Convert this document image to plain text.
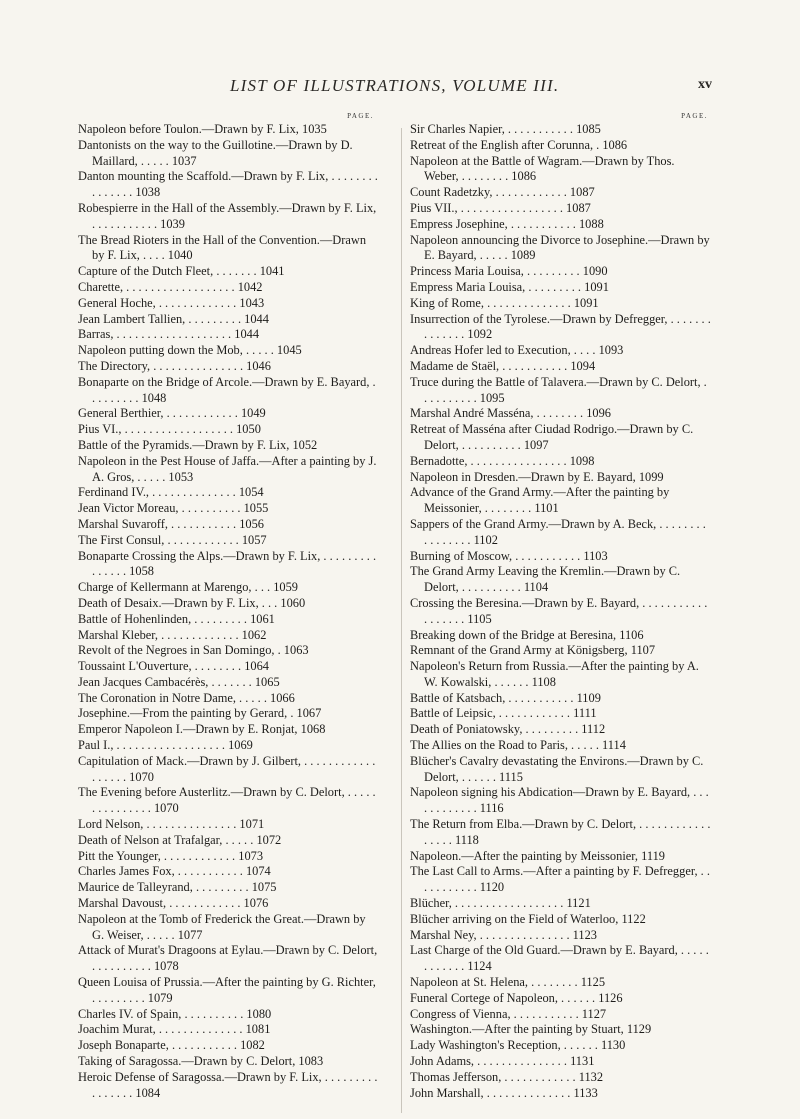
LIST OF ILLUSTRATIONS, VOLUME III.	xv
PAGE.

Napoleon before Toulon.—Drawn by F. Lix, 1035

Dantonists on the way to the Guillotine.—Drawn by D. Maillard, . . . . . 1037

Danton mounting the Scaffold.—Drawn by F. Lix, . . . . . . . . . . . . . . . 1038

Robespierre in the Hall of the Assembly.—Drawn by F. Lix, . . . . . . . . . . . 1039

The Bread Rioters in the Hall of the Convention.—Drawn by F. Lix, . . . . 1040

Capture of the Dutch Fleet, . . . . . . . 1041

Charette, . . . . . . . . . . . . . . . . . . 1042

General Hoche, . . . . . . . . . . . . . 1043

Jean Lambert Tallien, . . . . . . . . . 1044

Barras, . . . . . . . . . . . . . . . . . . . 1044

Napoleon putting down the Mob, . . . . . 1045

The Directory, . . . . . . . . . . . . . . . 1046

Bonaparte on the Bridge of Arcole.—Drawn by E. Bayard, . . . . . . . . . 1048

General Berthier, . . . . . . . . . . . . 1049

Pius VI., . . . . . . . . . . . . . . . . . . 1050

Battle of the Pyramids.—Drawn by F. Lix, 1052

Napoleon in the Pest House of Jaffa.—After a painting by J. A. Gros, . . . . . 1053

Ferdinand IV., . . . . . . . . . . . . . . 1054

Jean Victor Moreau, . . . . . . . . . . 1055

Marshal Suvaroff, . . . . . . . . . . . 1056

The First Consul, . . . . . . . . . . . . 1057

Bonaparte Crossing the Alps.—Drawn by F. Lix, . . . . . . . . . . . . . . . 1058

Charge of Kellermann at Marengo, . . . 1059

Death of Desaix.—Drawn by F. Lix, . . . 1060

Battle of Hohenlinden, . . . . . . . . . 1061

Marshal Kleber, . . . . . . . . . . . . . 1062

Revolt of the Negroes in San Domingo, . 1063

Toussaint L'Ouverture, . . . . . . . . 1064

Jean Jacques Cambacérès, . . . . . . . 1065

The Coronation in Notre Dame, . . . . . 1066

Josephine.—From the painting by Gerard, . 1067

Emperor Napoleon I.—Drawn by E. Ronjat, 1068

Paul I., . . . . . . . . . . . . . . . . . . 1069

Capitulation of Mack.—Drawn by J. Gilbert, . . . . . . . . . . . . . . . . . . 1070

The Evening before Austerlitz.—Drawn by C. Delort, . . . . . . . . . . . . . . . 1070

Lord Nelson, . . . . . . . . . . . . . . . 1071

Death of Nelson at Trafalgar, . . . . . 1072

Pitt the Younger, . . . . . . . . . . . . 1073

Charles James Fox, . . . . . . . . . . . 1074

Maurice de Talleyrand, . . . . . . . . . 1075

Marshal Davoust, . . . . . . . . . . . . 1076

Napoleon at the Tomb of Frederick the Great.—Drawn by G. Weiser, . . . . . 1077

Attack of Murat's Dragoons at Eylau.—Drawn by C. Delort, . . . . . . . . . . 1078

Queen Louisa of Prussia.—After the painting by G. Richter, . . . . . . . . . 1079

Charles IV. of Spain, . . . . . . . . . . 1080

Joachim Murat, . . . . . . . . . . . . . . 1081

Joseph Bonaparte, . . . . . . . . . . . 1082

Taking of Saragossa.—Drawn by C. Delort, 1083

Heroic Defense of Saragossa.—Drawn by F. Lix, . . . . . . . . . . . . . . . . 1084

PAGE.

Sir Charles Napier, . . . . . . . . . . . 1085

Retreat of the English after Corunna, . 1086

Napoleon at the Battle of Wagram.—Drawn by Thos. Weber, . . . . . . . . 1086

Count Radetzky, . . . . . . . . . . . . 1087

Pius VII., . . . . . . . . . . . . . . . . . 1087

Empress Josephine, . . . . . . . . . . . 1088

Napoleon announcing the Divorce to Josephine.—Drawn by E. Bayard, . . . . . 1089

Princess Maria Louisa, . . . . . . . . . 1090

Empress Maria Louisa, . . . . . . . . . 1091

King of Rome, . . . . . . . . . . . . . . 1091

Insurrection of the Tyrolese.—Drawn by Defregger, . . . . . . . . . . . . . . 1092

Andreas Hofer led to Execution, . . . . 1093

Madame de Staël, . . . . . . . . . . . 1094

Truce during the Battle of Talavera.—Drawn by C. Delort, . . . . . . . . . . 1095

Marshal André Masséna, . . . . . . . . 1096

Retreat of Masséna after Ciudad Rodrigo.—Drawn by C. Delort, . . . . . . . . . . 1097

Bernadotte, . . . . . . . . . . . . . . . . 1098

Napoleon in Dresden.—Drawn by E. Bayard, 1099

Advance of the Grand Army.—After the painting by Meissonier, . . . . . . . . 1101

Sappers of the Grand Army.—Drawn by A. Beck, . . . . . . . . . . . . . . . . 1102

Burning of Moscow, . . . . . . . . . . . 1103

The Grand Army Leaving the Kremlin.—Drawn by C. Delort, . . . . . . . . . . 1104

Crossing the Beresina.—Drawn by E. Bayard, . . . . . . . . . . . . . . . . . . 1105

Breaking down of the Bridge at Beresina, 1106

Remnant of the Grand Army at Königsberg, 1107

Napoleon's Return from Russia.—After the painting by A. W. Kowalski, . . . . . . 1108

Battle of Katsbach, . . . . . . . . . . . 1109

Battle of Leipsic, . . . . . . . . . . . . 1111

Death of Poniatowsky, . . . . . . . . . 1112

The Allies on the Road to Paris, . . . . . 1114

Blücher's Cavalry devastating the Environs.—Drawn by C. Delort, . . . . . . 1115

Napoleon signing his Abdication—Drawn by E. Bayard, . . . . . . . . . . . . 1116

The Return from Elba.—Drawn by C. Delort, . . . . . . . . . . . . . . . . . 1118

Napoleon.—After the painting by Meissonier, 1119

The Last Call to Arms.—After a painting by F. Defregger, . . . . . . . . . . . 1120

Blücher, . . . . . . . . . . . . . . . . . . 1121

Blücher arriving on the Field of Waterloo, 1122

Marshal Ney, . . . . . . . . . . . . . . . 1123

Last Charge of the Old Guard.—Drawn by E. Bayard, . . . . . . . . . . . . 1124

Napoleon at St. Helena, . . . . . . . . 1125

Funeral Cortege of Napoleon, . . . . . . 1126

Congress of Vienna, . . . . . . . . . . . 1127

Washington.—After the painting by Stuart, 1129

Lady Washington's Reception, . . . . . . 1130

John Adams, . . . . . . . . . . . . . . . 1131

Thomas Jefferson, . . . . . . . . . . . . 1132

John Marshall, . . . . . . . . . . . . . . 1133
